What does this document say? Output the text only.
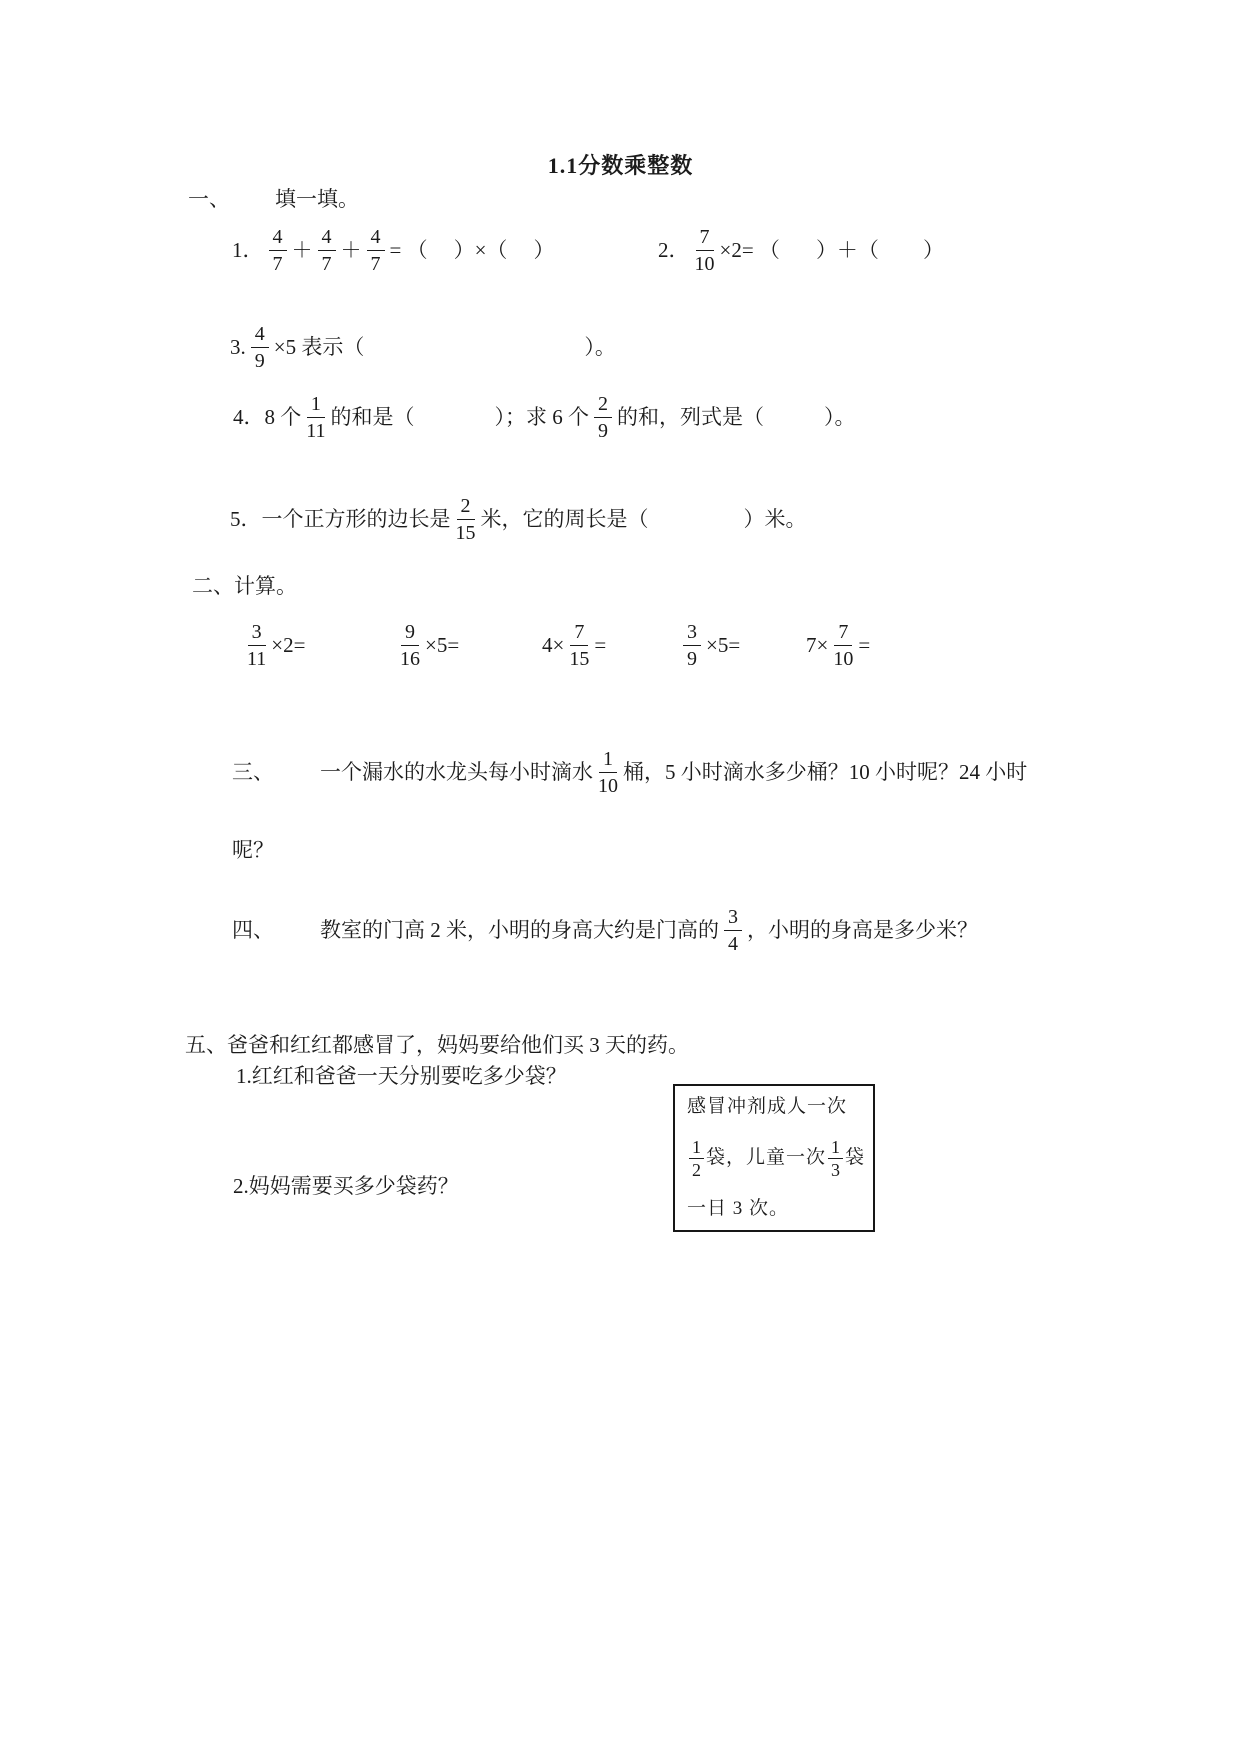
1.1分数乘整数
一、 填一填。
1． $\frac{4}{7} + \frac{4}{7} + \frac{4}{7}$ = （ ）×（ ）	2． $\frac{7}{10} \times 2=$ （ ）＋（ ）
3. $\frac{4}{9} \times 5$ 表示（	）。
4．8 个 $\frac{1}{11}$ 的和是（	）；求 6 个 $\frac{2}{9}$ 的和，列式是（	）。
5．一个正方形的边长是 $\frac{2}{15}$ 米，它的周长是（	）米。
二、计算。
$\frac{3}{11} \times 2=$	$\frac{9}{16} \times 5=$	$4\times \frac{7}{15}$ =	$\frac{3}{9} \times 5=$	$7\times \frac{7}{10}$ =
三、 一个漏水的水龙头每小时滴水 $\frac{1}{10}$ 桶，5 小时滴水多少桶？10 小时呢？24 小时
呢？
四、 教室的门高 2 米，小明的身高大约是门高的 $\frac{3}{4}$ ，小明的身高是多少米？
五、爸爸和红红都感冒了，妈妈要给他们买 3 天的药。
1.红红和爸爸一天分别要吃多少袋？
2.妈妈需要买多少袋药？
感冒冲剂成人一次
$\frac{1}{2}$ 袋，儿童一次 $\frac{1}{3}$ 袋
一日 3 次。
